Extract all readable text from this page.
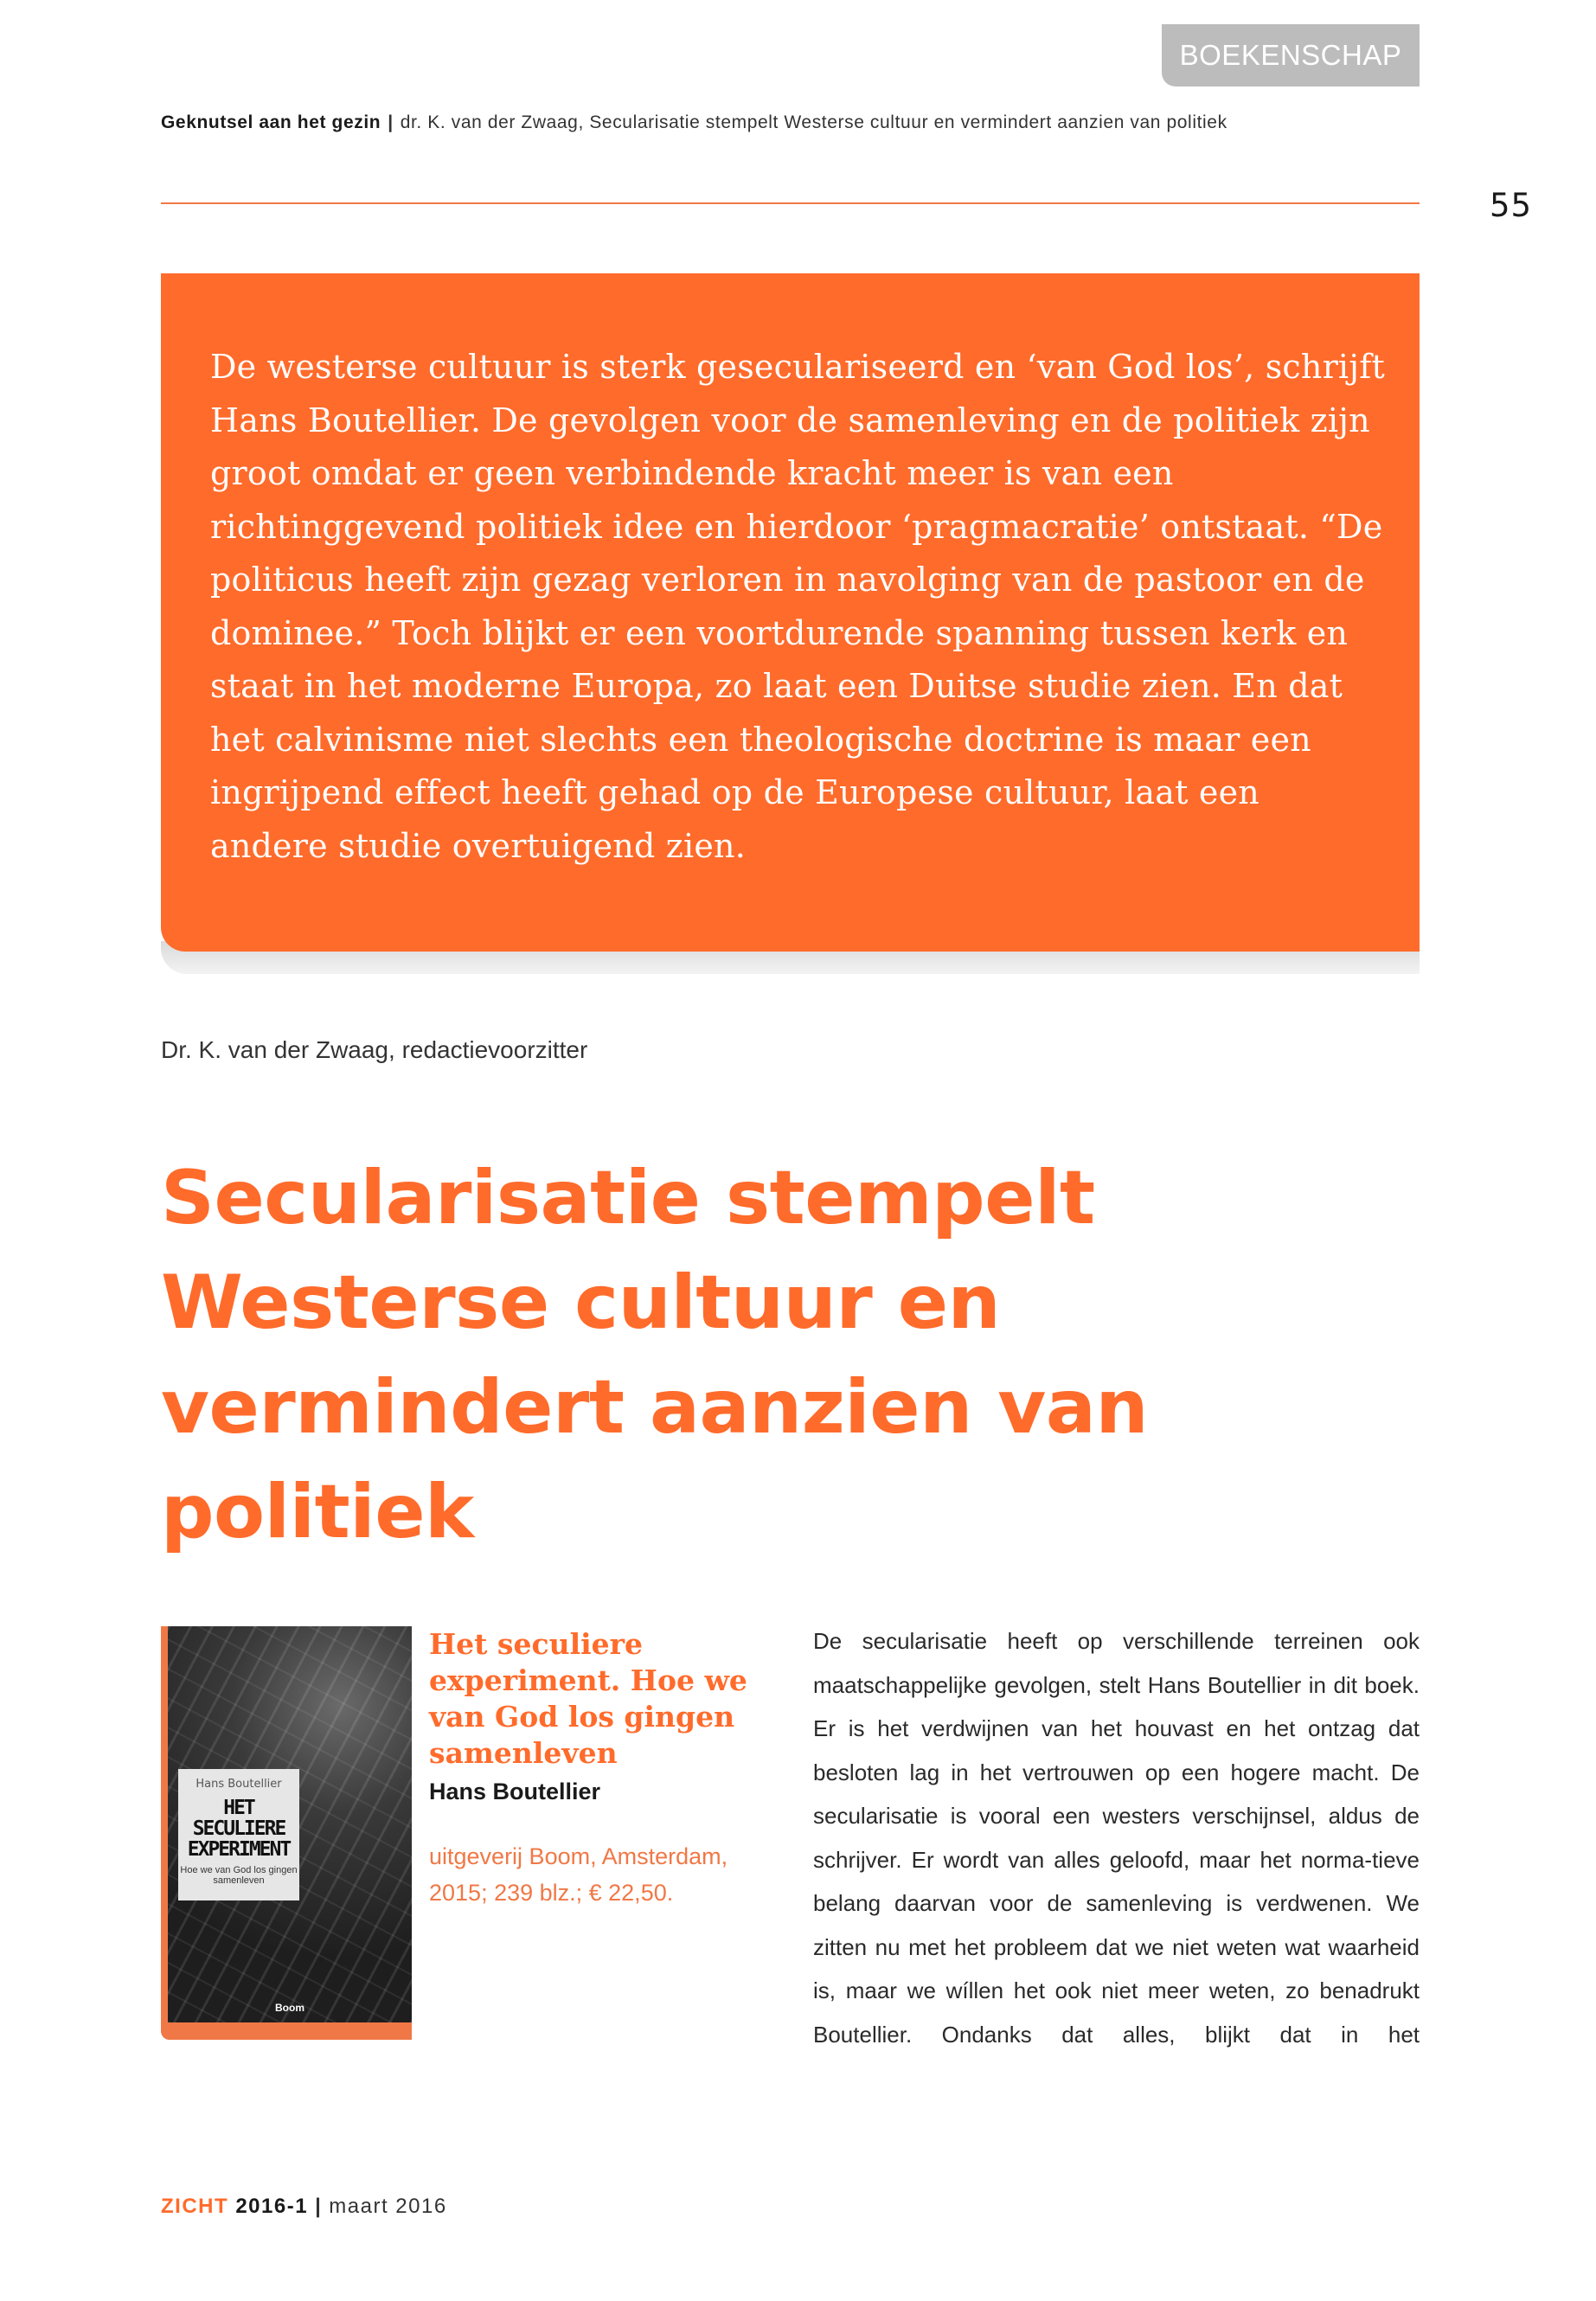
BOEKENSCHAP
Geknutsel aan het gezin | dr. K. van der Zwaag, Secularisatie stempelt Westerse cultuur en vermindert aanzien van politiek
55

De westerse cultuur is sterk geseculariseerd en ‘van God los’, schrijft Hans Boutellier. De gevolgen voor de samenleving en de politiek zijn groot omdat er geen verbindende kracht meer is van een richtinggevend politiek idee en hierdoor ‘pragmacratie’ ontstaat. “De politicus heeft zijn gezag verloren in navolging van de pastoor en de dominee.” Toch blijkt er een voortdurende spanning tussen kerk en staat in het moderne Europa, zo laat een Duitse studie zien. En dat het calvinisme niet slechts een theologische doctrine is maar een ingrijpend effect heeft gehad op de Europese cultuur, laat een andere studie overtuigend zien.

Dr. K. van der Zwaag, redactievoorzitter
Secularisatie stempelt Westerse cultuur en vermindert aanzien van politiek
Hans Boutellier
HET SECULIERE EXPERIMENT
Hoe we van God los gingen samenleven
Boom
Het seculiere experiment. Hoe we van God los gingen samenleven
Hans Boutellier
uitgeverij Boom, Amsterdam, 2015; 239 blz.; € 22,50.

De secularisatie heeft op verschillende terreinen ook maatschappelijke gevolgen, stelt Hans Boutellier in dit boek. Er is het verdwijnen van het houvast en het ontzag dat besloten lag in het vertrouwen op een hogere macht. De secularisatie is vooral een westers verschijnsel, aldus de schrijver. Er wordt van alles geloofd, maar het norma-tieve belang daarvan voor de samenleving is verdwenen. We zitten nu met het probleem dat we niet weten wat waarheid is, maar we wíllen het ook niet meer weten, zo benadrukt Boutellier. Ondanks dat alles, blijkt dat in het

ZICHT 2016-1 | maart 2016
